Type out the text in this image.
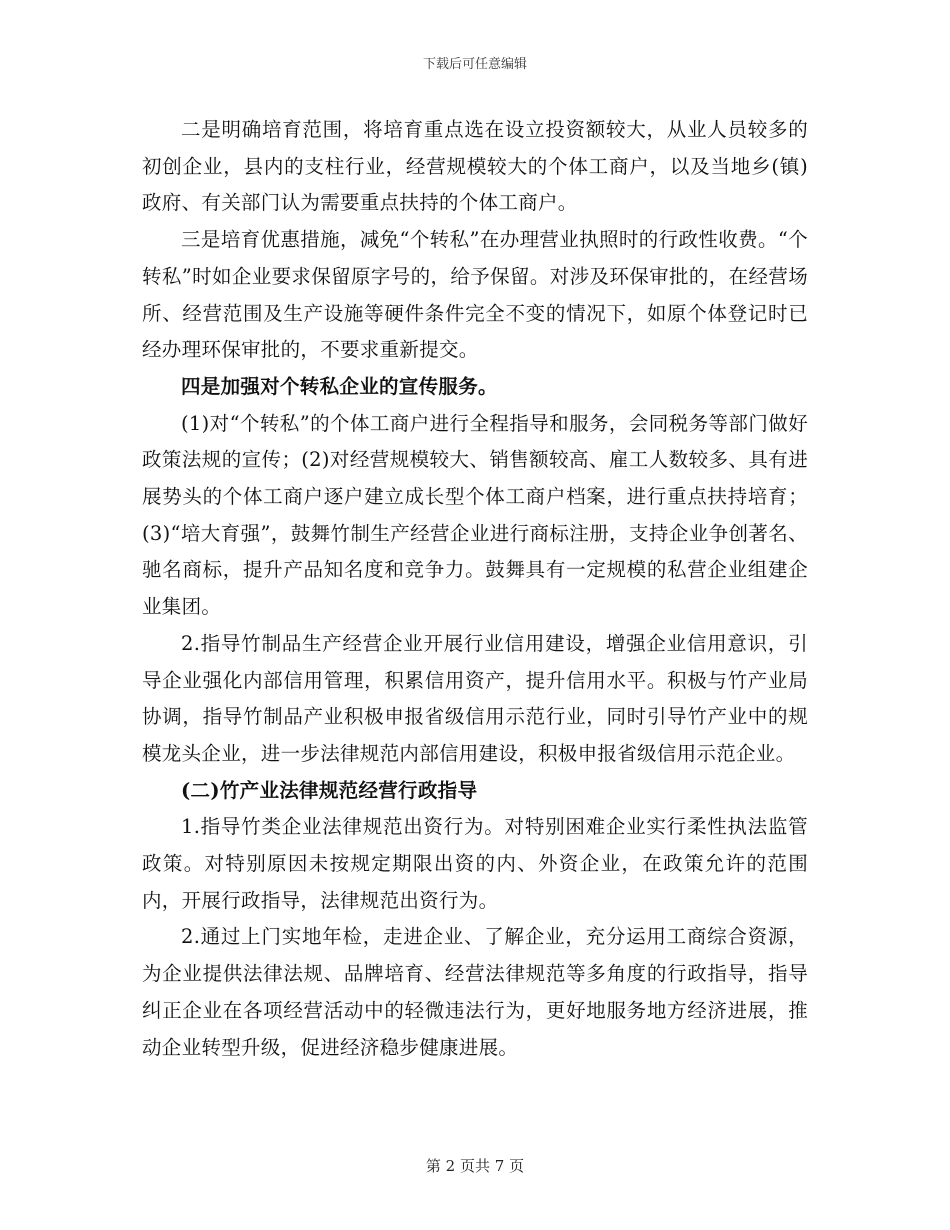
下载后可任意编辑

二是明确培育范围，将培育重点选在设立投资额较大，从业人员较多的初创企业，县内的支柱行业，经营规模较大的个体工商户，以及当地乡(镇)政府、有关部门认为需要重点扶持的个体工商户。

三是培育优惠措施，减免“个转私”在办理营业执照时的行政性收费。“个转私”时如企业要求保留原字号的，给予保留。对涉及环保审批的，在经营场所、经营范围及生产设施等硬件条件完全不变的情况下，如原个体登记时已经办理环保审批的，不要求重新提交。

四是加强对个转私企业的宣传服务。

(1)对“个转私”的个体工商户进行全程指导和服务，会同税务等部门做好政策法规的宣传；(2)对经营规模较大、销售额较高、雇工人数较多、具有进展势头的个体工商户逐户建立成长型个体工商户档案，进行重点扶持培育；(3)“培大育强”，鼓舞竹制生产经营企业进行商标注册，支持企业争创著名、驰名商标，提升产品知名度和竞争力。鼓舞具有一定规模的私营企业组建企业集团。

2.指导竹制品生产经营企业开展行业信用建设，增强企业信用意识，引导企业强化内部信用管理，积累信用资产，提升信用水平。积极与竹产业局协调，指导竹制品产业积极申报省级信用示范行业，同时引导竹产业中的规模龙头企业，进一步法律规范内部信用建设，积极申报省级信用示范企业。

(二)竹产业法律规范经营行政指导

1.指导竹类企业法律规范出资行为。对特别困难企业实行柔性执法监管政策。对特别原因未按规定期限出资的内、外资企业，在政策允许的范围内，开展行政指导，法律规范出资行为。

2.通过上门实地年检，走进企业、了解企业，充分运用工商综合资源，为企业提供法律法规、品牌培育、经营法律规范等多角度的行政指导，指导纠正企业在各项经营活动中的轻微违法行为，更好地服务地方经济进展，推动企业转型升级，促进经济稳步健康进展。

第 2 页共 7 页
